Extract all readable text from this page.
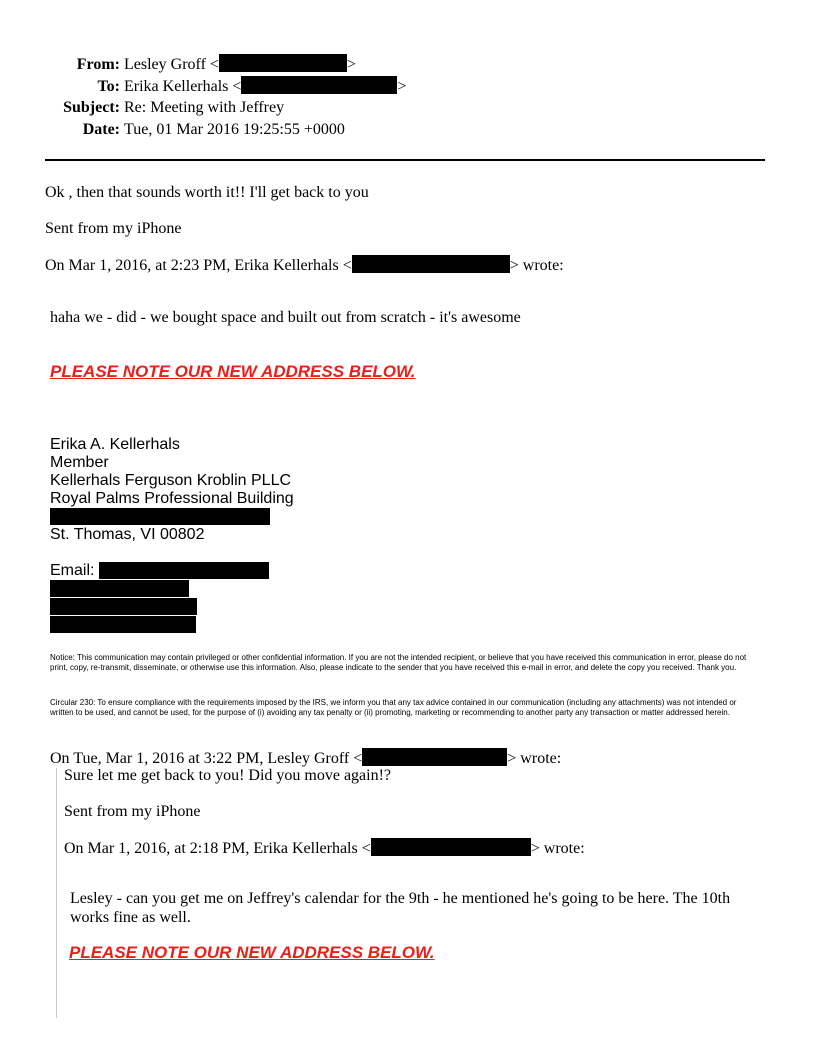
From: Lesley Groff <	>
To: Erika Kellerhals <	>
Subject: Re: Meeting with Jeffrey
Date: Tue, 01 Mar 2016 19:25:55 +0000
Ok , then that sounds worth it!! I'll get back to you
Sent from my iPhone
On Mar 1, 2016, at 2:23 PM, Erika Kellerhals <	> wrote:
haha we - did - we bought space and built out from scratch - it's awesome
PLEASE NOTE OUR NEW ADDRESS BELOW.
Erika A. Kellerhals
Member
Kellerhals Ferguson Kroblin PLLC
Royal Palms Professional Building
St. Thomas, VI 00802
Email:
Notice: This communication may contain privileged or other confidential information. If you are not the intended recipient, or believe that you have received this communication in error, please do not print, copy, re-transmit, disseminate, or otherwise use this information. Also, please indicate to the sender that you have received this e-mail in error, and delete the copy you received. Thank you.
Circular 230: To ensure compliance with the requirements imposed by the IRS, we inform you that any tax advice contained in our communication (including any attachments) was not intended or written to be used, and cannot be used, for the purpose of (i) avoiding any tax penalty or (ii) promoting, marketing or recommending to another party any transaction or matter addressed herein.
On Tue, Mar 1, 2016 at 3:22 PM, Lesley Groff <	> wrote:
Sure let me get back to you! Did you move again!?
Sent from my iPhone
On Mar 1, 2016, at 2:18 PM, Erika Kellerhals <	> wrote:
Lesley - can you get me on Jeffrey's calendar for the 9th - he mentioned he's going to be here. The 10th works fine as well.
PLEASE NOTE OUR NEW ADDRESS BELOW.
